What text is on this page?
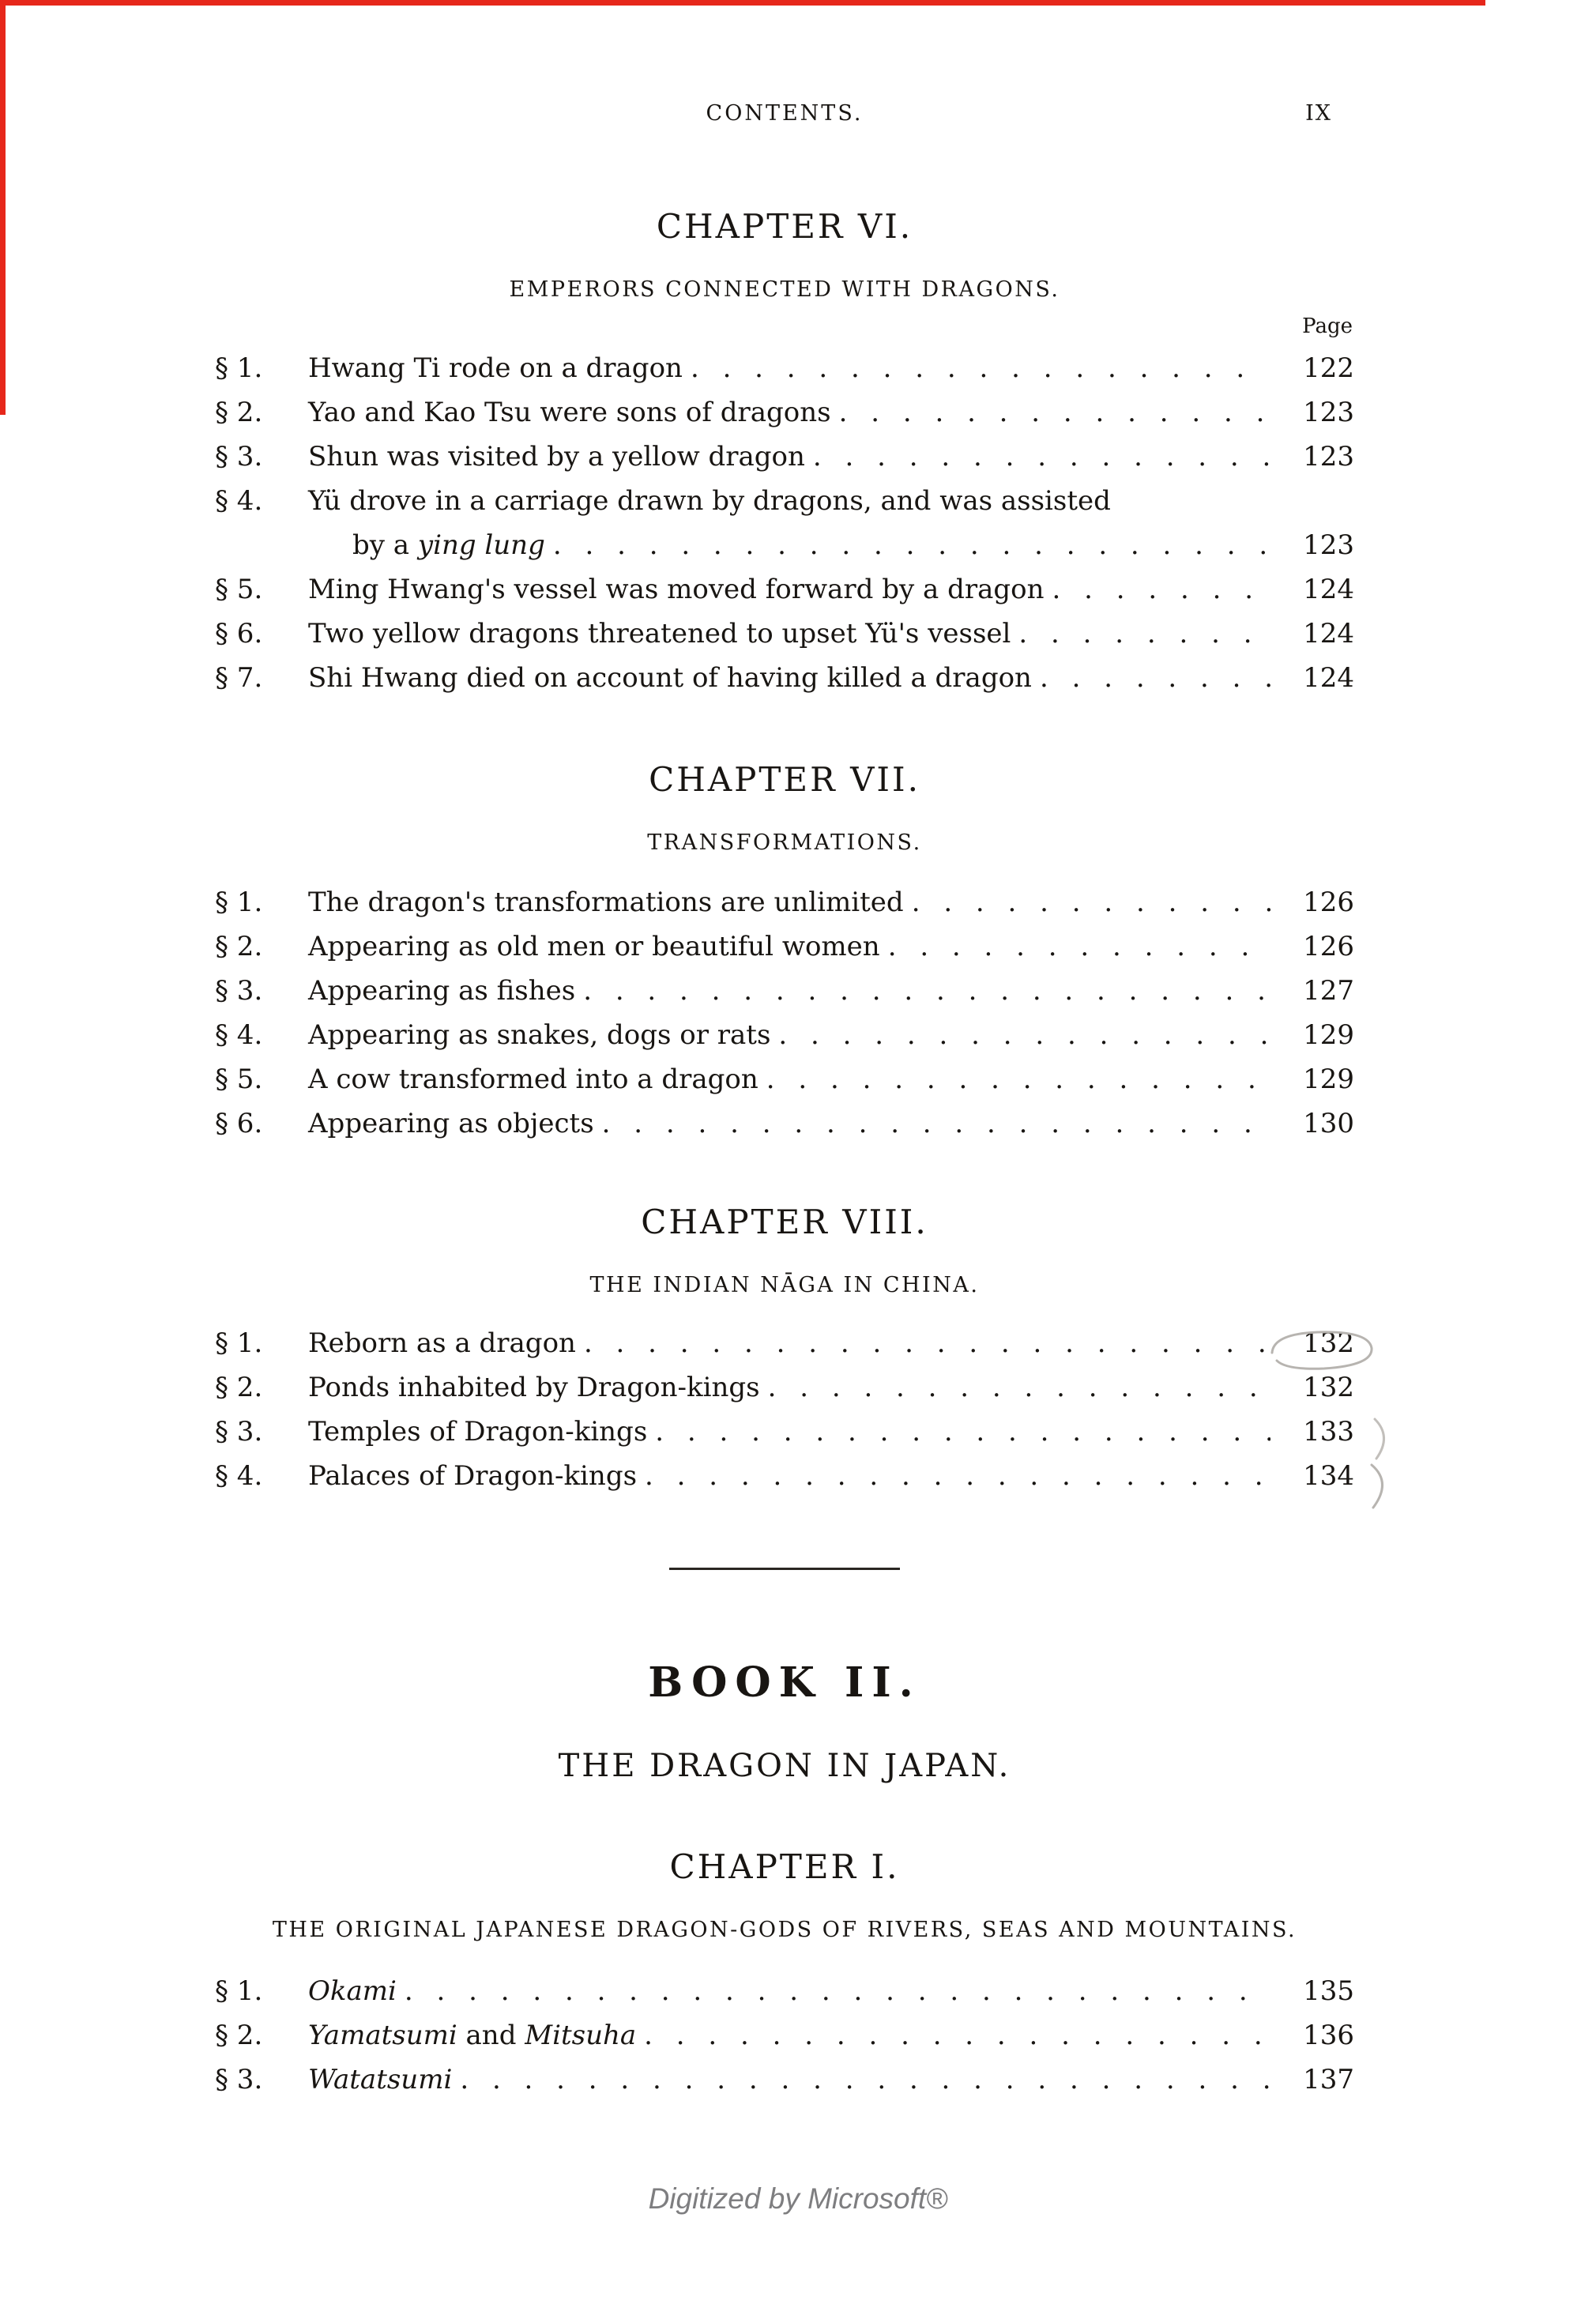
CONTENTS.	IX
CHAPTER VI.
EMPERORS CONNECTED WITH DRAGONS.
Page
§ 1.	Hwang Ti rode on a dragon . . .	122
§ 2.	Yao and Kao Tsu were sons of dragons . . .	123
§ 3.	Shun was visited by a yellow dragon . . .	123
§ 4.	Yü drove in a carriage drawn by dragons, and was assisted
by a ying lung . . .	123
§ 5.	Ming Hwang's vessel was moved forward by a dragon . . .	124
§ 6.	Two yellow dragons threatened to upset Yü's vessel . . .	124
§ 7.	Shi Hwang died on account of having killed a dragon . . .	124
CHAPTER VII.
TRANSFORMATIONS.
§ 1.	The dragon's transformations are unlimited . . .	126
§ 2.	Appearing as old men or beautiful women . . .	126
§ 3.	Appearing as fishes . . .	127
§ 4.	Appearing as snakes, dogs or rats . . .	129
§ 5.	A cow transformed into a dragon . . .	129
§ 6.	Appearing as objects . . .	130
CHAPTER VIII.
THE INDIAN NĀGA IN CHINA.
§ 1.	Reborn as a dragon . . .	132
§ 2.	Ponds inhabited by Dragon-kings . . .	132
§ 3.	Temples of Dragon-kings . . .	133
§ 4.	Palaces of Dragon-kings . . .	134
BOOK II.
THE DRAGON IN JAPAN.
CHAPTER I.
THE ORIGINAL JAPANESE DRAGON-GODS OF RIVERS, SEAS AND MOUNTAINS.
§ 1.	Okami . . .	135
§ 2.	Yamatsumi and Mitsuha . . .	136
§ 3.	Watatsumi . . .	137
Digitized by Microsoft®
